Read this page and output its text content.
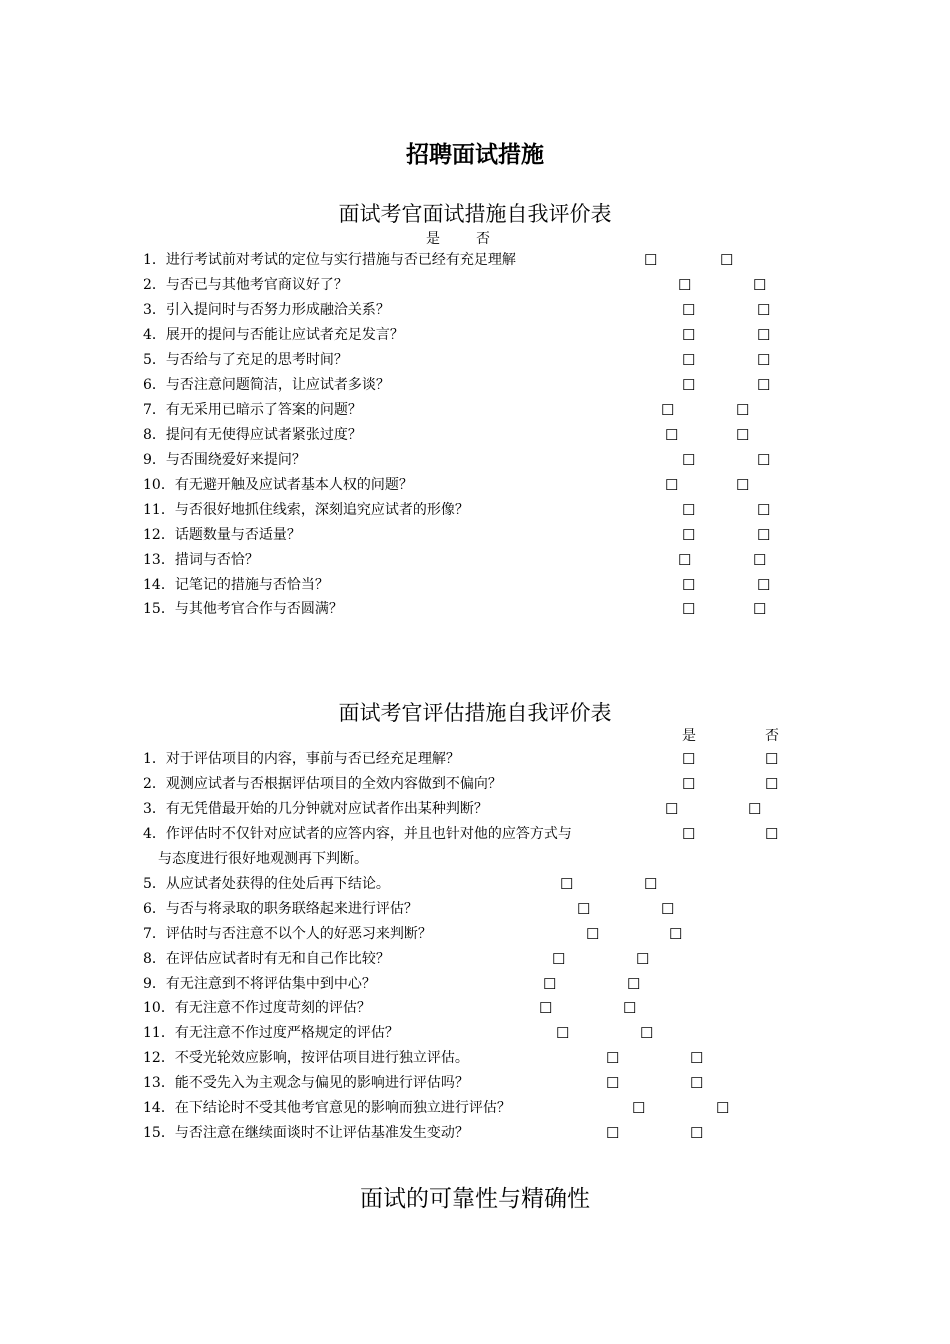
招聘面试措施
面试考官面试措施自我评价表
是	否
1．进行考试前对考试的定位与实行措施与否已经有充足理解	☐	☐
2．与否已与其他考官商议好了？	☐	☐
3．引入提问时与否努力形成融洽关系？	☐	☐
4．展开的提问与否能让应试者充足发言？	☐	☐
5．与否给与了充足的思考时间？	☐	☐
6．与否注意问题简洁，让应试者多谈？	☐	☐
7．有无采用已暗示了答案的问题？	☐	☐
8．提问有无使得应试者紧张过度？	☐	☐
9．与否围绕爱好来提问？	☐	☐
10．有无避开触及应试者基本人权的问题？	☐	☐
11．与否很好地抓住线索，深刻追究应试者的形像？	☐	☐
12．话题数量与否适量？	☐	☐
13．措词与否恰？	☐	☐
14．记笔记的措施与否恰当？	☐	☐
15．与其他考官合作与否圆满？	☐	☐
面试考官评估措施自我评价表
是	否
1．对于评估项目的内容，事前与否已经充足理解？	☐	☐
2．观测应试者与否根据评估项目的全效内容做到不偏向？	☐	☐
3．有无凭借最开始的几分钟就对应试者作出某种判断？	☐	☐
4．作评估时不仅针对应试者的应答内容，并且也针对他的应答方式与	☐	☐
与态度进行很好地观测再下判断。
5．从应试者处获得的住处后再下结论。	☐	☐
6．与否与将录取的职务联络起来进行评估？	☐	☐
7．评估时与否注意不以个人的好恶习来判断？	☐	☐
8．在评估应试者时有无和自己作比较？	☐	☐
9．有无注意到不将评估集中到中心？	☐	☐
10．有无注意不作过度苛刻的评估？	☐	☐
11．有无注意不作过度严格规定的评估？	☐	☐
12．不受光轮效应影响，按评估项目进行独立评估。	☐	☐
13．能不受先入为主观念与偏见的影响进行评估吗？	☐	☐
14．在下结论时不受其他考官意见的影响而独立进行评估？	☐	☐
15．与否注意在继续面谈时不让评估基准发生变动？	☐	☐
面试的可靠性与精确性
